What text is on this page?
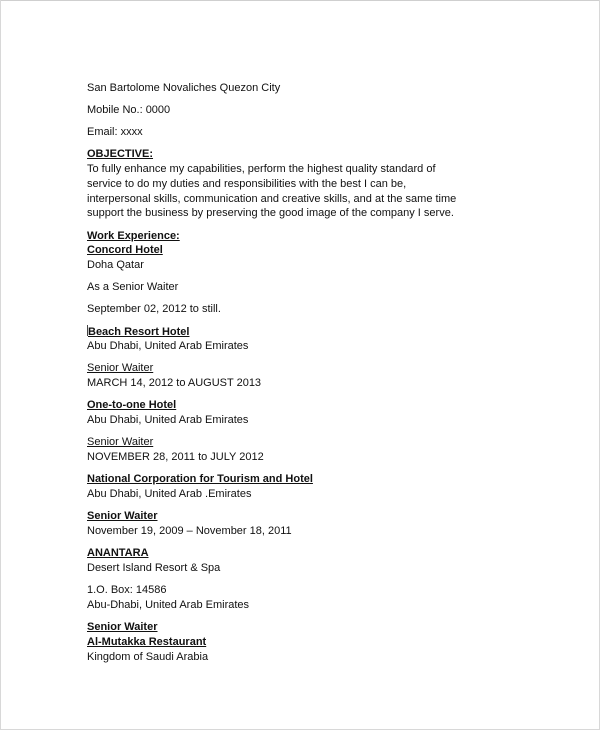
San Bartolome Novaliches Quezon City
Mobile No.: 0000
Email: xxxx
OBJECTIVE:
To fully enhance my capabilities, perform the highest quality standard of
service to do my duties and responsibilities with the best I can be,
interpersonal skills, communication and creative skills, and at the same time
support the business by preserving the good image of the company I serve.
Work Experience:
Concord Hotel
Doha Qatar
As a Senior Waiter
September 02, 2012 to still.
Beach Resort Hotel
Abu Dhabi, United Arab Emirates
Senior Waiter
MARCH 14, 2012 to AUGUST 2013
One-to-one Hotel
Abu Dhabi, United Arab Emirates
Senior Waiter
NOVEMBER 28, 2011 to JULY 2012
National Corporation for Tourism and Hotel
Abu Dhabi, United Arab .Emirates
Senior Waiter
November 19, 2009 – November 18, 2011
ANANTARA
Desert Island Resort & Spa
1.O. Box: 14586
Abu-Dhabi, United Arab Emirates
Senior Waiter
Al-Mutakka Restaurant
Kingdom of Saudi Arabia
